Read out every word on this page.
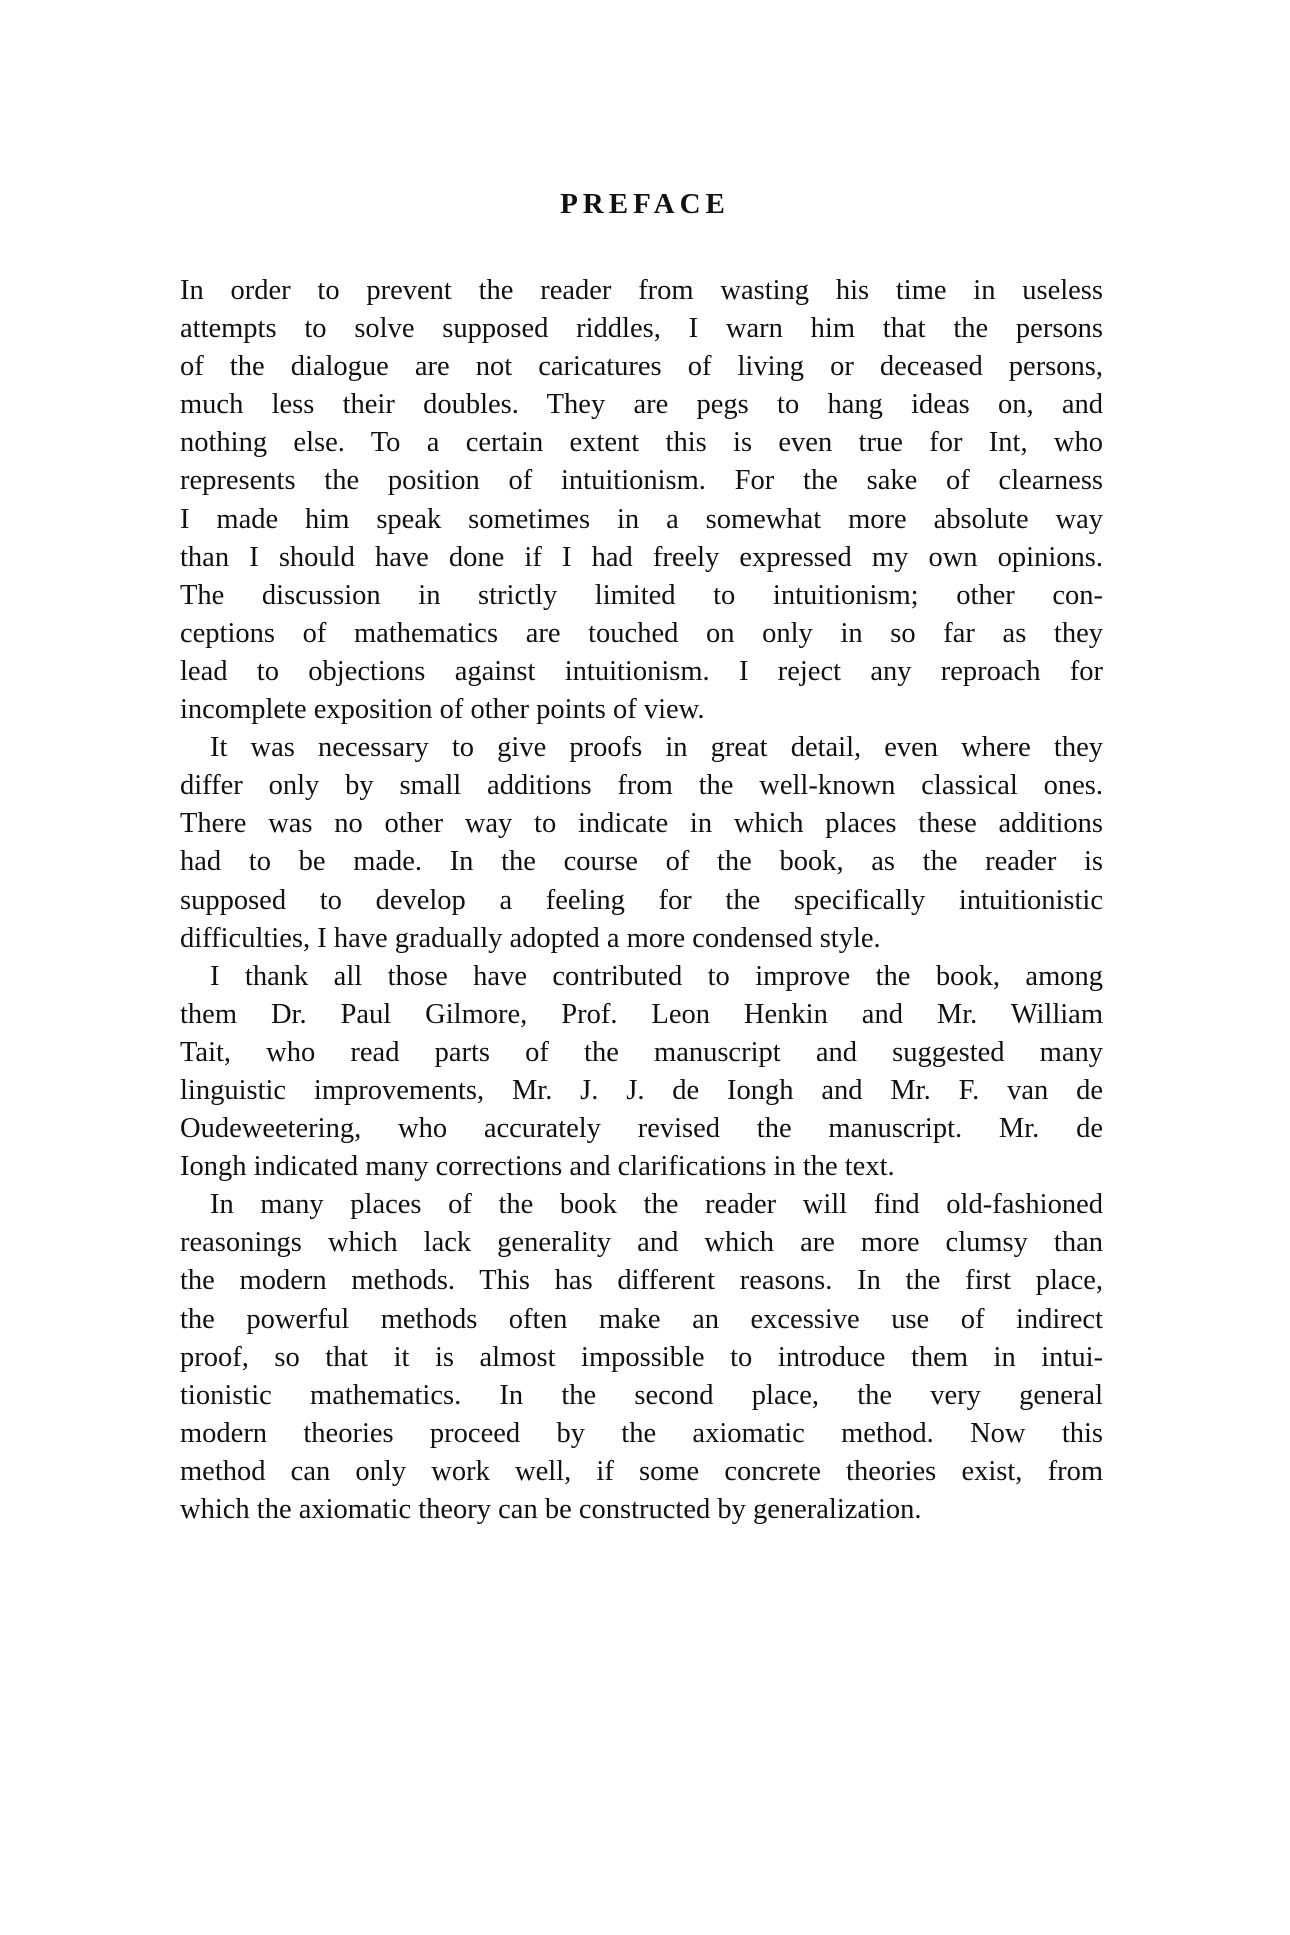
PREFACE
In order to prevent the reader from wasting his time in useless
attempts to solve supposed riddles, I warn him that the persons
of the dialogue are not caricatures of living or deceased persons,
much less their doubles. They are pegs to hang ideas on, and
nothing else. To a certain extent this is even true for Int, who
represents the position of intuitionism. For the sake of clearness
I made him speak sometimes in a somewhat more absolute way
than I should have done if I had freely expressed my own opinions.
The discussion in strictly limited to intuitionism; other con-
ceptions of mathematics are touched on only in so far as they
lead to objections against intuitionism. I reject any reproach for
incomplete exposition of other points of view.
It was necessary to give proofs in great detail, even where they
differ only by small additions from the well-known classical ones.
There was no other way to indicate in which places these additions
had to be made. In the course of the book, as the reader is
supposed to develop a feeling for the specifically intuitionistic
difficulties, I have gradually adopted a more condensed style.
I thank all those have contributed to improve the book, among
them Dr. Paul Gilmore, Prof. Leon Henkin and Mr. William
Tait, who read parts of the manuscript and suggested many
linguistic improvements, Mr. J. J. de Iongh and Mr. F. van de
Oudeweetering, who accurately revised the manuscript. Mr. de
Iongh indicated many corrections and clarifications in the text.
In many places of the book the reader will find old-fashioned
reasonings which lack generality and which are more clumsy than
the modern methods. This has different reasons. In the first place,
the powerful methods often make an excessive use of indirect
proof, so that it is almost impossible to introduce them in intui-
tionistic mathematics. In the second place, the very general
modern theories proceed by the axiomatic method. Now this
method can only work well, if some concrete theories exist, from
which the axiomatic theory can be constructed by generalization.
